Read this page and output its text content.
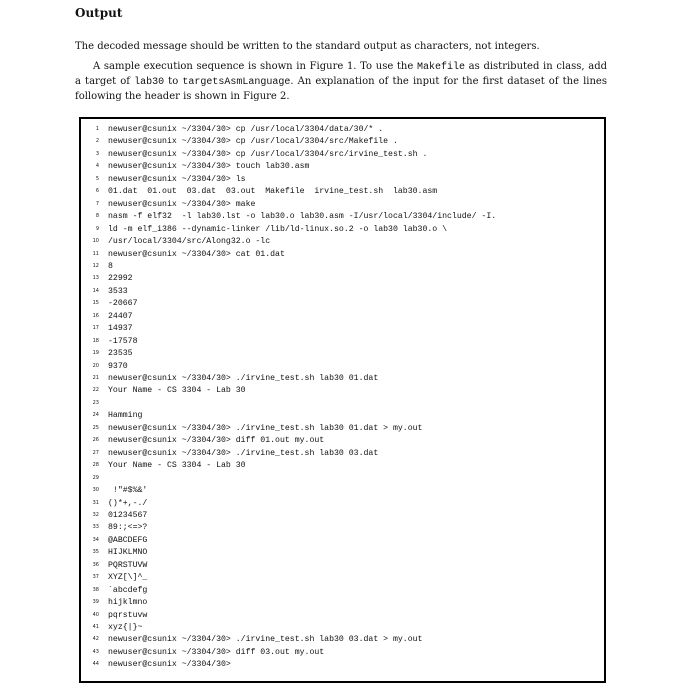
Output
The decoded message should be written to the standard output as characters, not integers.
A sample execution sequence is shown in Figure 1. To use the Makefile as distributed in class, add a target of lab30 to targetsAsmLanguage. An explanation of the input for the first dataset of the lines following the header is shown in Figure 2.
1 newuser@csunix ~/3304/30> cp /usr/local/3304/data/30/* .
2 newuser@csunix ~/3304/30> cp /usr/local/3304/src/Makefile .
3 newuser@csunix ~/3304/30> cp /usr/local/3304/src/irvine_test.sh .
4 newuser@csunix ~/3304/30> touch lab30.asm
5 newuser@csunix ~/3304/30> ls
6 01.dat  01.out  03.dat  03.out  Makefile  irvine_test.sh  lab30.asm
7 newuser@csunix ~/3304/30> make
8 nasm -f elf32  -l lab30.lst -o lab30.o lab30.asm -I/usr/local/3304/include/ -I.
9 ld -m elf_i386 --dynamic-linker /lib/ld-linux.so.2 -o lab30 lab30.o \
10 /usr/local/3304/src/Along32.o -lc
11 newuser@csunix ~/3304/30> cat 01.dat
12 8
13 22992
14 3533
15 -20667
16 24407
17 14937
18 -17578
19 23535
20 9370
21 newuser@csunix ~/3304/30> ./irvine_test.sh lab30 01.dat
22 Your Name - CS 3304 - Lab 30
23
24 Hamming
25 newuser@csunix ~/3304/30> ./irvine_test.sh lab30 01.dat > my.out
26 newuser@csunix ~/3304/30> diff 01.out my.out
27 newuser@csunix ~/3304/30> ./irvine_test.sh lab30 03.dat
28 Your Name - CS 3304 - Lab 30
29
30 !"#$%&'
31 ()*+,-./
32 01234567
33 89:;<=>?
34 @ABCDEFG
35 HIJKLMNO
36 PQRSTUVW
37 XYZ[\]^_
38 `abcdefg
39 hijklmno
40 pqrstuvw
41 xyz{|}~
42 newuser@csunix ~/3304/30> ./irvine_test.sh lab30 03.dat > my.out
43 newuser@csunix ~/3304/30> diff 03.out my.out
44 newuser@csunix ~/3304/30>
